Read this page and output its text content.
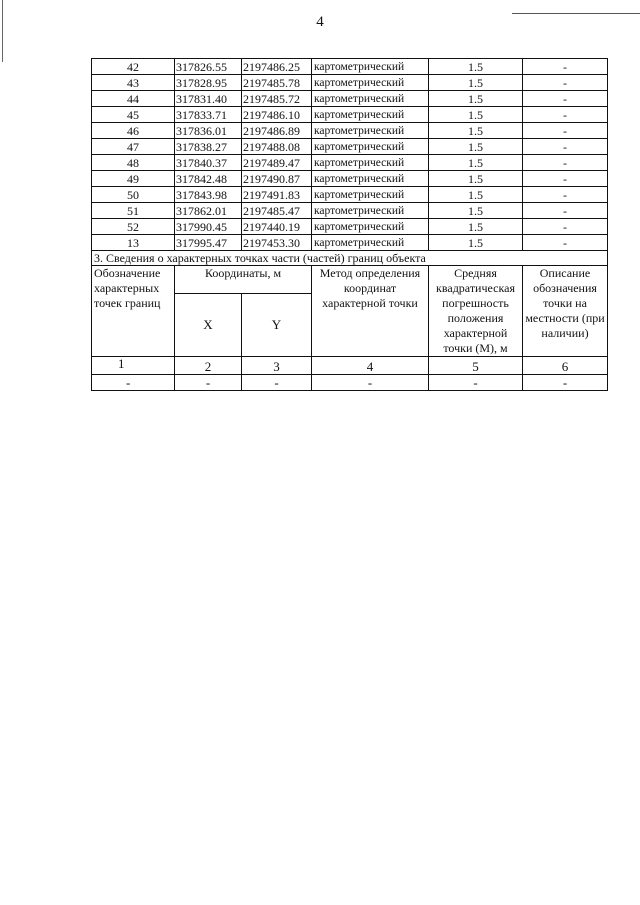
4
42	317826.55	2197486.25	картометрический	1.5	-
43	317828.95	2197485.78	картометрический	1.5	-
44	317831.40	2197485.72	картометрический	1.5	-
45	317833.71	2197486.10	картометрический	1.5	-
46	317836.01	2197486.89	картометрический	1.5	-
47	317838.27	2197488.08	картометрический	1.5	-
48	317840.37	2197489.47	картометрический	1.5	-
49	317842.48	2197490.87	картометрический	1.5	-
50	317843.98	2197491.83	картометрический	1.5	-
51	317862.01	2197485.47	картометрический	1.5	-
52	317990.45	2197440.19	картометрический	1.5	-
13	317995.47	2197453.30	картометрический	1.5	-
3. Сведения о характерных точках части (частей) границ объекта					
Обозначение характерных точек границ	Координаты, м		Метод определения координат характерной точки	Средняя квадратическая погрешность положения характерной точки (M), м	Описание обозначения точки на местности (при наличии)
	X	Y			
1	2	3	4	5	6
-	-	-	-	-	-
